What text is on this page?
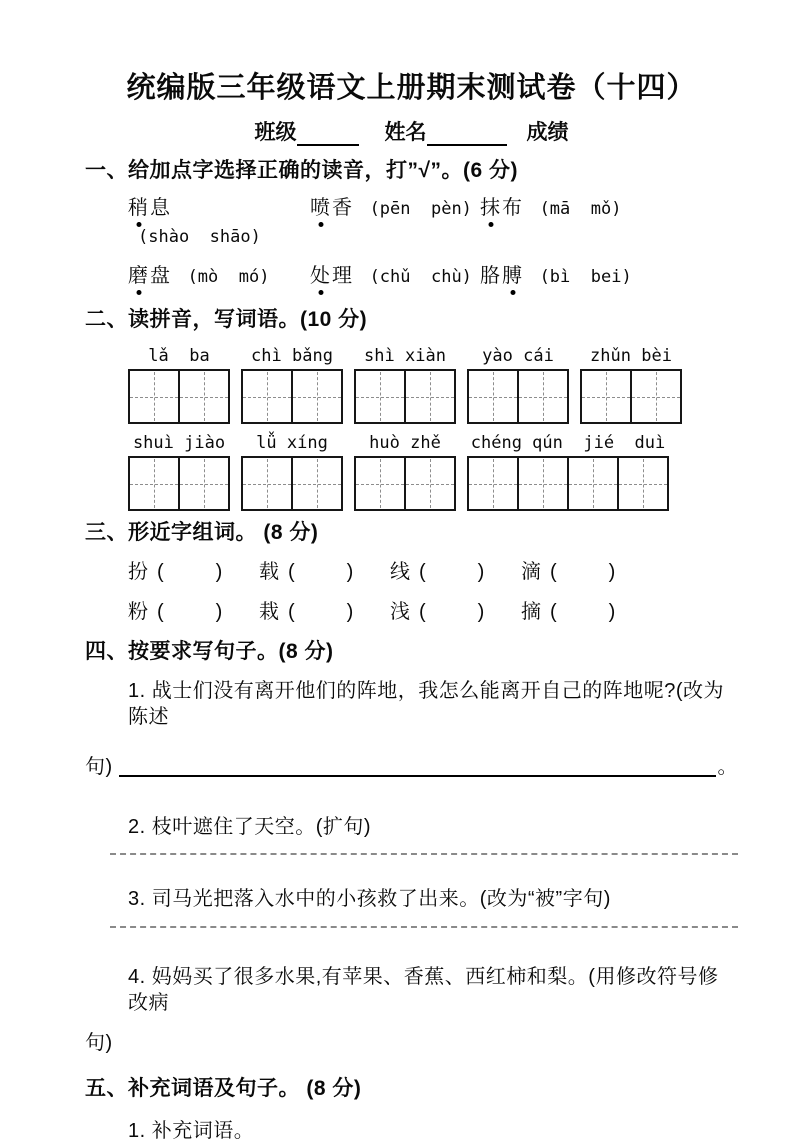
统编版三年级语文上册期末测试卷（十四）
班级	姓名	成绩
一、给加点字选择正确的读音，打”√”。(6 分)
稍息 (shào  shāo)
喷香 (pēn  pèn) 抹布 (mā  mǒ)
磨盘 (mò  mó)	处理 (chǔ  chù) 胳膊 (bì  bei)
二、读拼音，写词语。(10 分)
lǎ  ba	chì bǎng	shì xiàn	yào cái	zhǔn bèi
shuì jiào	lǚ xíng	huò zhě	chéng qún  jié  duì
三、形近字组词。 (8 分)
扮 (	) 载 (	) 线 (	) 滴 (	)
粉 (	) 栽 (	) 浅 (	) 摘 (	)
四、按要求写句子。(8 分)

1. 战士们没有离开他们的阵地，我怎么能离开自己的阵地呢?(改为陈述

句)	。

2. 枝叶遮住了天空。(扩句)

3. 司马光把落入水中的小孩救了出来。(改为“被”字句)

4. 妈妈买了很多水果,有苹果、香蕉、西红柿和梨。(用修改符号修改病

句)

五、补充词语及句子。 (8 分)

1. 补充词语。
